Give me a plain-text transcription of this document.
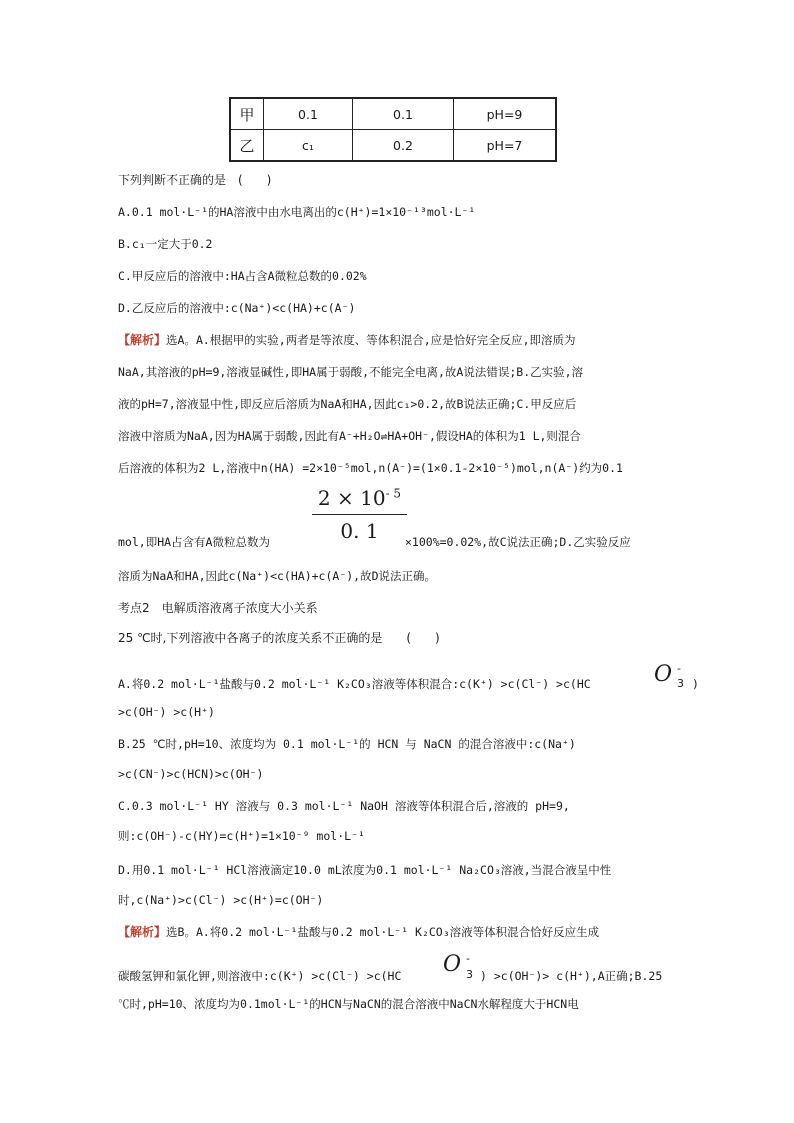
甲	0.1	0.1	pH=9
乙	c₁	0.2	pH=7
下列判断不正确的是　(　　)
A.0.1 mol·L⁻¹的HA溶液中由水电离出的c(H⁺)=1×10⁻¹³mol·L⁻¹
B.c₁一定大于0.2
C.甲反应后的溶液中:HA占含A微粒总数的0.02%
D.乙反应后的溶液中:c(Na⁺)<c(HA)+c(A⁻)
【解析】选A。A.根据甲的实验,两者是等浓度、等体积混合,应是恰好完全反应,即溶质为
NaA,其溶液的pH=9,溶液显碱性,即HA属于弱酸,不能完全电离,故A说法错误;B.乙实验,溶
液的pH=7,溶液显中性,即反应后溶质为NaA和HA,因此c₁>0.2,故B说法正确;C.甲反应后
溶液中溶质为NaA,因为HA属于弱酸,因此有A⁻+H₂O⇌HA+OH⁻,假设HA的体积为1 L,则混合
后溶液的体积为2 L,溶液中n(HA) =2×10⁻⁵mol,n(A⁻)=(1×0.1-2×10⁻⁵)mol,n(A⁻)约为0.1
$2 \times 10^{- 5}$
0. 1
mol,即HA占含有A微粒总数为	×100%=0.02%,故C说法正确;D.乙实验反应
溶质为NaA和HA,因此c(Na⁺)<c(HA)+c(A⁻),故D说法正确。
考点2　电解质溶液离子浓度大小关系
25 ℃时,下列溶液中各离子的浓度关系不正确的是　　(　　)
A.将0.2 mol·L⁻¹盐酸与0.2 mol·L⁻¹ K₂CO₃溶液等体积混合:c(K⁺) >c(Cl⁻) >c(HC	O -
3 )
>c(OH⁻) >c(H⁺)
B.25 ℃时,pH=10、浓度均为 0.1 mol·L⁻¹的 HCN 与 NaCN 的混合溶液中:c(Na⁺)
>c(CN⁻)>c(HCN)>c(OH⁻)
C.0.3 mol·L⁻¹ HY 溶液与 0.3 mol·L⁻¹ NaOH 溶液等体积混合后,溶液的 pH=9,
则:c(OH⁻)-c(HY)=c(H⁺)=1×10⁻⁹ mol·L⁻¹
D.用0.1 mol·L⁻¹ HCl溶液滴定10.0 mL浓度为0.1 mol·L⁻¹ Na₂CO₃溶液,当混合液呈中性
时,c(Na⁺)>c(Cl⁻) >c(H⁺)=c(OH⁻)
【解析】选B。A.将0.2 mol·L⁻¹盐酸与0.2 mol·L⁻¹ K₂CO₃溶液等体积混合恰好反应生成
碳酸氢钾和氯化钾,则溶液中:c(K⁺) >c(Cl⁻) >c(HC O -
3 ) >c(OH⁻)> c(H⁺),A正确;B.25
℃时,pH=10、浓度均为0.1mol·L⁻¹的HCN与NaCN的混合溶液中NaCN水解程度大于HCN电
